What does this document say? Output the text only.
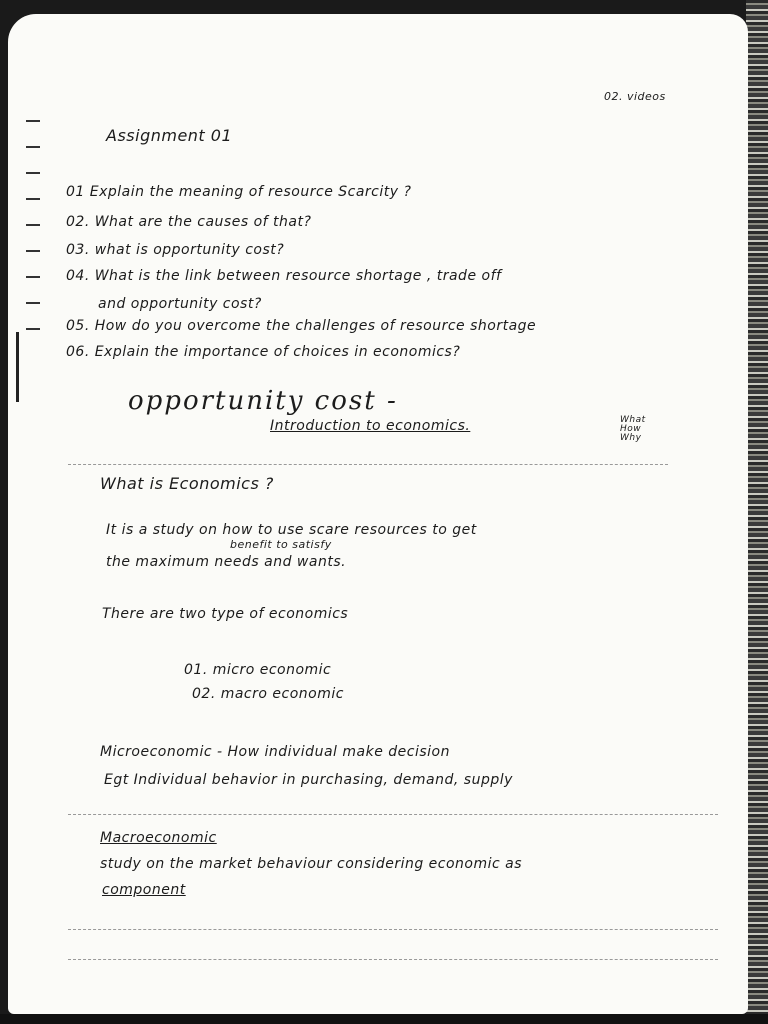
02. videos
Assignment 01
01 Explain the meaning of resource Scarcity ?
02. What are the causes of that?
03. what is opportunity cost?
04. What is the link between resource shortage , trade off
and opportunity cost?
05. How do you overcome the challenges of resource shortage
06. Explain the importance of choices in economics?
opportunity cost -
Introduction to economics.	What
How
Why
What is Economics ?
It is a study on how to use scare resources to get
benefit to satisfy
the maximum needs and wants.
There are two type of economics
01. micro economic
02. macro economic
Microeconomic - How individual make decision
Egt Individual behavior in purchasing, demand, supply
Macroeconomic
study on the market behaviour considering economic as
component
